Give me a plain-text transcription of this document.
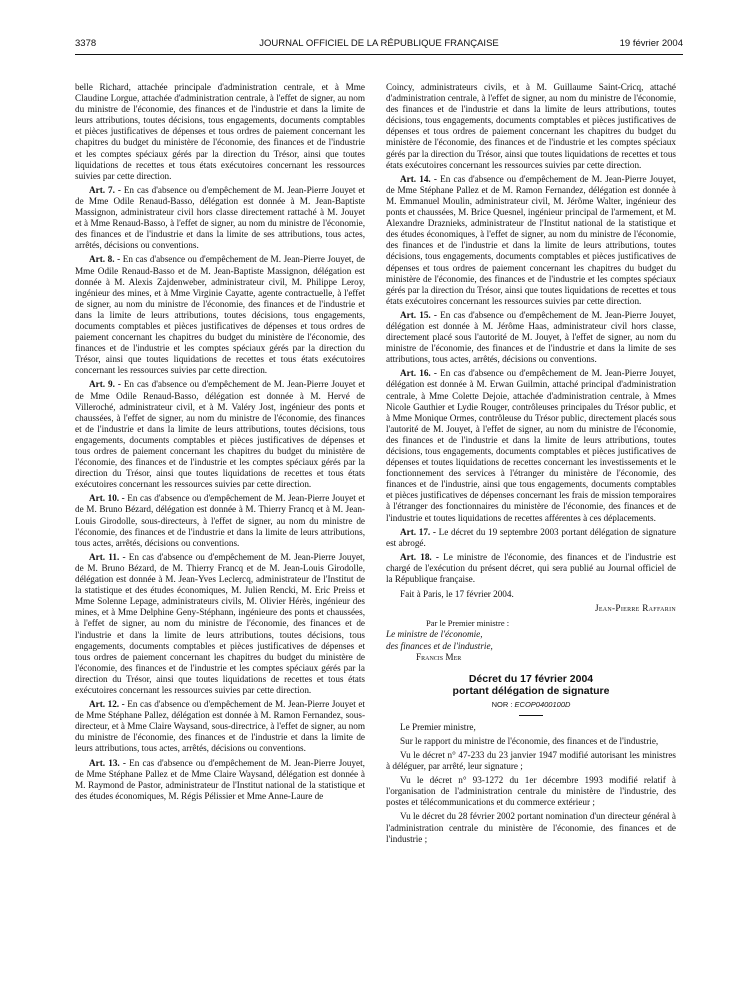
3378	JOURNAL OFFICIEL DE LA RÉPUBLIQUE FRANÇAISE	19 février 2004

belle Richard, attachée principale d'administration centrale, et à Mme Claudine Lorgue, attachée d'administration centrale, à l'effet de signer, au nom du ministre de l'économie, des finances et de l'industrie et dans la limite de leurs attributions, toutes décisions, tous engagements, documents comptables et pièces justificatives de dépenses et tous ordres de paiement concernant les chapitres du budget du ministère de l'économie, des finances et de l'industrie et les comptes spéciaux gérés par la direction du Trésor, ainsi que toutes liquidations de recettes et tous états exécutoires concernant les ressources suivies par cette direction.

Art. 7. - En cas d'absence ou d'empêchement de M. Jean-Pierre Jouyet et de Mme Odile Renaud-Basso, délégation est donnée à M. Jean-Baptiste Massignon, administrateur civil hors classe directement rattaché à M. Jouyet et à Mme Renaud-Basso, à l'effet de signer, au nom du ministre de l'économie, des finances et de l'industrie et dans la limite de ses attributions, tous actes, arrêtés, décisions ou conventions.

Art. 8. - En cas d'absence ou d'empêchement de M. Jean-Pierre Jouyet, de Mme Odile Renaud-Basso et de M. Jean-Baptiste Massignon, délégation est donnée à M. Alexis Zajdenweber, administrateur civil, M. Philippe Leroy, ingénieur des mines, et à Mme Virginie Cayatte, agente contractuelle, à l'effet de signer, au nom du ministre de l'économie, des finances et de l'industrie et dans la limite de leurs attributions, toutes décisions, tous engagements, documents comptables et pièces justificatives de dépenses et tous ordres de paiement concernant les chapitres du budget du ministère de l'économie, des finances et de l'industrie et les comptes spéciaux gérés par la direction du Trésor, ainsi que toutes liquidations de recettes et tous états exécutoires concernant les ressources suivies par cette direction.

Art. 9. - En cas d'absence ou d'empêchement de M. Jean-Pierre Jouyet et de Mme Odile Renaud-Basso, délégation est donnée à M. Hervé de Villeroché, administrateur civil, et à M. Valéry Jost, ingénieur des ponts et chaussées, à l'effet de signer, au nom du ministre de l'économie, des finances et de l'industrie et dans la limite de leurs attributions, toutes décisions, tous engagements, documents comptables et pièces justificatives de dépenses et tous ordres de paiement concernant les chapitres du budget du ministère de l'économie, des finances et de l'industrie et les comptes spéciaux gérés par la direction du Trésor, ainsi que toutes liquidations de recettes et tous états exécutoires concernant les ressources suivies par cette direction.

Art. 10. - En cas d'absence ou d'empêchement de M. Jean-Pierre Jouyet et de M. Bruno Bézard, délégation est donnée à M. Thierry Francq et à M. Jean-Louis Girodolle, sous-directeurs, à l'effet de signer, au nom du ministre de l'économie, des finances et de l'industrie et dans la limite de leurs attributions, tous actes, arrêtés, décisions ou conventions.

Art. 11. - En cas d'absence ou d'empêchement de M. Jean-Pierre Jouyet, de M. Bruno Bézard, de M. Thierry Francq et de M. Jean-Louis Girodolle, délégation est donnée à M. Jean-Yves Leclercq, administrateur de l'Institut de la statistique et des études économiques, M. Julien Rencki, M. Eric Preiss et Mme Solenne Lepage, administrateurs civils, M. Olivier Hérès, ingénieur des mines, et à Mme Delphine Geny-Stéphann, ingénieure des ponts et chaussées, à l'effet de signer, au nom du ministre de l'économie, des finances et de l'industrie et dans la limite de leurs attributions, toutes décisions, tous engagements, documents comptables et pièces justificatives de dépenses et tous ordres de paiement concernant les chapitres du budget du ministère de l'économie, des finances et de l'industrie et les comptes spéciaux gérés par la direction du Trésor, ainsi que toutes liquidations de recettes et tous états exécutoires concernant les ressources suivies par cette direction.

Art. 12. - En cas d'absence ou d'empêchement de M. Jean-Pierre Jouyet et de Mme Stéphane Pallez, délégation est donnée à M. Ramon Fernandez, sous-directeur, et à Mme Claire Waysand, sous-directrice, à l'effet de signer, au nom du ministre de l'économie, des finances et de l'industrie et dans la limite de leurs attributions, tous actes, arrêtés, décisions ou conventions.

Art. 13. - En cas d'absence ou d'empêchement de M. Jean-Pierre Jouyet, de Mme Stéphane Pallez et de Mme Claire Waysand, délégation est donnée à M. Raymond de Pastor, administrateur de l'Institut national de la statistique et des études économiques, M. Régis Pélissier et Mme Anne-Laure de

Coincy, administrateurs civils, et à M. Guillaume Saint-Cricq, attaché d'administration centrale, à l'effet de signer, au nom du ministre de l'économie, des finances et de l'industrie et dans la limite de leurs attributions, toutes décisions, tous engagements, documents comptables et pièces justificatives de dépenses et tous ordres de paiement concernant les chapitres du budget du ministère de l'économie, des finances et de l'industrie et les comptes spéciaux gérés par la direction du Trésor, ainsi que toutes liquidations de recettes et tous états exécutoires concernant les ressources suivies par cette direction.

Art. 14. - En cas d'absence ou d'empêchement de M. Jean-Pierre Jouyet, de Mme Stéphane Pallez et de M. Ramon Fernandez, délégation est donnée à M. Emmanuel Moulin, administrateur civil, M. Jérôme Walter, ingénieur des ponts et chaussées, M. Brice Quesnel, ingénieur principal de l'armement, et M. Alexandre Draznieks, administrateur de l'Institut national de la statistique et des études économiques, à l'effet de signer, au nom du ministre de l'économie, des finances et de l'industrie et dans la limite de leurs attributions, toutes décisions, tous engagements, documents comptables et pièces justificatives de dépenses et tous ordres de paiement concernant les chapitres du budget du ministère de l'économie, des finances et de l'industrie et les comptes spéciaux gérés par la direction du Trésor, ainsi que toutes liquidations de recettes et tous états exécutoires concernant les ressources suivies par cette direction.

Art. 15. - En cas d'absence ou d'empêchement de M. Jean-Pierre Jouyet, délégation est donnée à M. Jérôme Haas, administrateur civil hors classe, directement placé sous l'autorité de M. Jouyet, à l'effet de signer, au nom du ministre de l'économie, des finances et de l'industrie et dans la limite de ses attributions, tous actes, arrêtés, décisions ou conventions.

Art. 16. - En cas d'absence ou d'empêchement de M. Jean-Pierre Jouyet, délégation est donnée à M. Erwan Guilmin, attaché principal d'administration centrale, à Mme Colette Dejoie, attachée d'administration centrale, à Mmes Nicole Gauthier et Lydie Rouger, contrôleuses principales du Trésor public, et à Mme Monique Ormes, contrôleuse du Trésor public, directement placés sous l'autorité de M. Jouyet, à l'effet de signer, au nom du ministre de l'économie, des finances et de l'industrie et dans la limite de leurs attributions, toutes décisions, tous engagements, documents comptables et pièces justificatives de dépenses et toutes liquidations de recettes concernant les investissements et le fonctionnement des services à l'étranger du ministère de l'économie, des finances et de l'industrie, ainsi que tous engagements, documents comptables et pièces justificatives de dépenses concernant les frais de mission temporaires à l'étranger des fonctionnaires du ministère de l'économie, des finances et de l'industrie et toutes liquidations de recettes afférentes à ces déplacements.

Art. 17. - Le décret du 19 septembre 2003 portant délégation de signature est abrogé.

Art. 18. - Le ministre de l'économie, des finances et de l'industrie est chargé de l'exécution du présent décret, qui sera publié au Journal officiel de la République française.

Fait à Paris, le 17 février 2004.

Jean-Pierre Raffarin
Par le Premier ministre :
Le ministre de l'économie,
des finances et de l'industrie,
Francis Mer
Décret du 17 février 2004
portant délégation de signature
NOR : ECOP0400100D

Le Premier ministre,

Sur le rapport du ministre de l'économie, des finances et de l'industrie,

Vu le décret n° 47-233 du 23 janvier 1947 modifié autorisant les ministres à déléguer, par arrêté, leur signature ;

Vu le décret n° 93-1272 du 1er décembre 1993 modifié relatif à l'organisation de l'administration centrale du ministère de l'industrie, des postes et télécommunications et du commerce extérieur ;

Vu le décret du 28 février 2002 portant nomination d'un directeur général à l'administration centrale du ministère de l'économie, des finances et de l'industrie ;
